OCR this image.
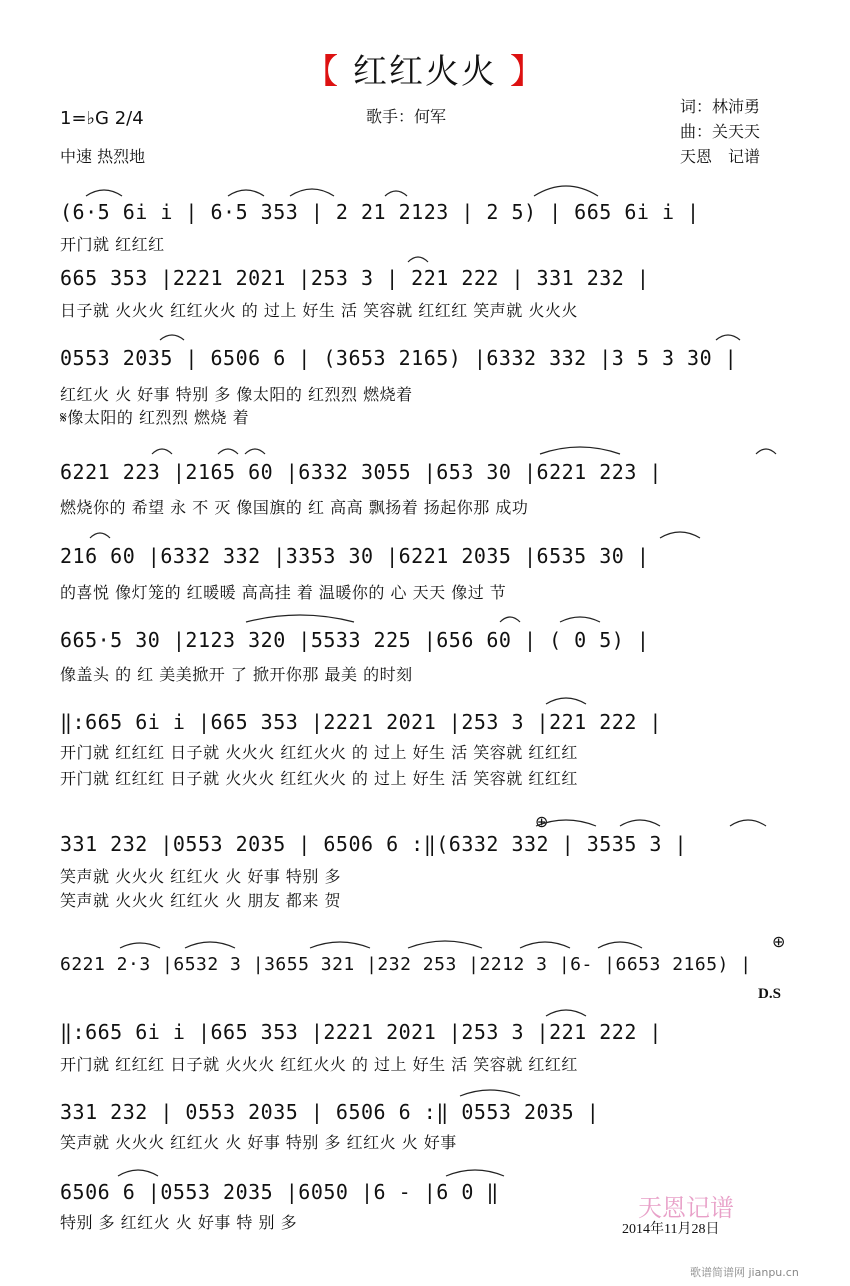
【 红红火火 】
1=♭G 2/4
中速 热烈地
歌手：何军
词：林沛勇
曲：关天天
天恩　记谱
(6·5 6i i | 6·5 353 | 2 21 2123 | 2 5) | 665 6i i |
开门就 红红红
665 353 |2221 2021 |253 3 | 221 222 | 331 232 |
日子就 火火火 红红火火 的 过上 好生 活 笑容就 红红红 笑声就 火火火
0553 2035 | 6506 6 | (3653 2165) |6332 332 |3 5 3 30 |
红红火 火 好事 特别 多 像太阳的 红烈烈 燃烧着
𝄋像太阳的 红烈烈 燃烧 着
6221 223 |2165 60 |6332 3055 |653 30 |6221 223 |
燃烧你的 希望 永 不 灭 像国旗的 红 高高 飘扬着 扬起你那 成功
216 60 |6332 332 |3353 30 |6221 2035 |6535 30 |
的喜悦 像灯笼的 红暖暖 高高挂 着 温暖你的 心 天天 像过 节
665·5 30 |2123 320 |5533 225 |656 60 | ( 0 5) |
像盖头 的 红 美美掀开 了 掀开你那 最美 的时刻
‖:665 6i i |665 353 |2221 2021 |253 3 |221 222 |
开门就 红红红 日子就 火火火 红红火火 的 过上 好生 活 笑容就 红红红
开门就 红红红 日子就 火火火 红红火火 的 过上 好生 活 笑容就 红红红
331 232 |0553 2035 | 6506 6 :‖(6332 332 | 3535 3 |
笑声就 火火火 红红火 火 好事 特别 多
笑声就 火火火 红红火 火 朋友 都来 贺
6221 2·3 |6532 3 |3655 321 |232 253 |2212 3 |6- |6653 2165) |
‖:665 6i i |665 353 |2221 2021 |253 3 |221 222 |
开门就 红红红 日子就 火火火 红红火火 的 过上 好生 活 笑容就 红红红
331 232 | 0553 2035 | 6506 6 :‖ 0553 2035 |
笑声就 火火火 红红火 火 好事 特别 多 红红火 火 好事
6506 6 |0553 2035 |6050 |6 - |6 0 ‖
特别 多 红红火 火 好事 特 别 多
D.S
⊕
⊕
天恩记谱
2014年11月28日
歌谱简谱网 jianpu.cn
